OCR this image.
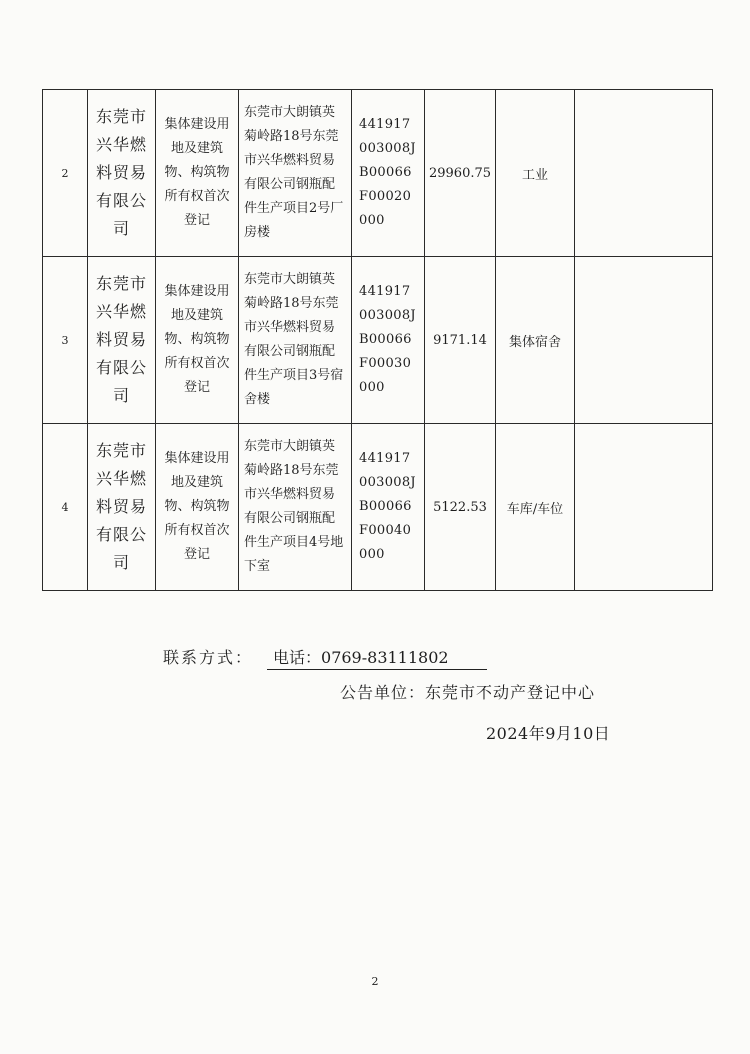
2	东莞市兴华燃料贸易有限公司	集体建设用地及建筑物、构筑物所有权首次登记	东莞市大朗镇英菊岭路18号东莞市兴华燃料贸易有限公司钢瓶配件生产项目2号厂房楼	441917003008JB00066F00020000	29960.75	工业	
3	东莞市兴华燃料贸易有限公司	集体建设用地及建筑物、构筑物所有权首次登记	东莞市大朗镇英菊岭路18号东莞市兴华燃料贸易有限公司钢瓶配件生产项目3号宿舍楼	441917003008JB00066F00030000	9171.14	集体宿舍	
4	东莞市兴华燃料贸易有限公司	集体建设用地及建筑物、构筑物所有权首次登记	东莞市大朗镇英菊岭路18号东莞市兴华燃料贸易有限公司钢瓶配件生产项目4号地下室	441917003008JB00066F00040000	5122.53	车库/车位	
联系方式： 电话：0769-83111802
公告单位：东莞市不动产登记中心
2024年9月10日
2
